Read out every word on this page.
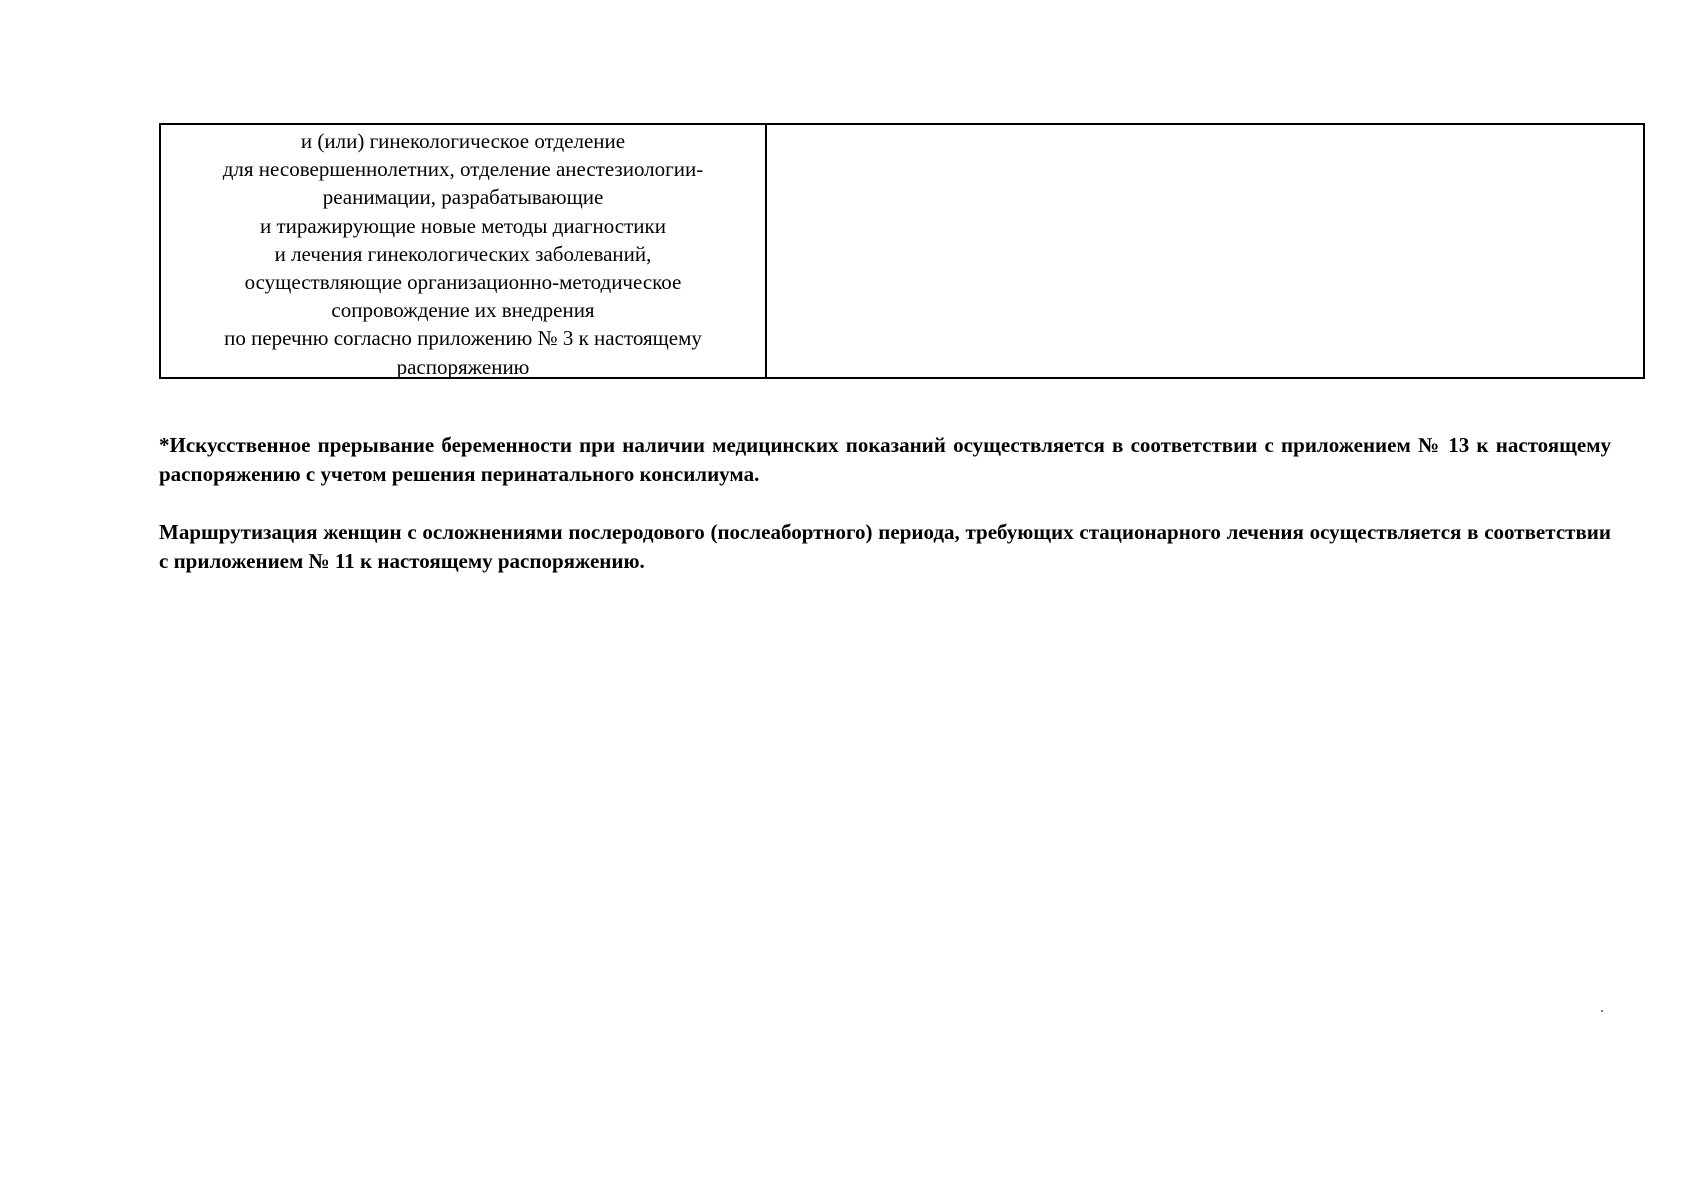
и (или) гинекологическое отделение
для несовершеннолетних, отделение анестезиологии-
реанимации, разрабатывающие
и тиражирующие новые методы диагностики
и лечения гинекологических заболеваний,
осуществляющие организационно-методическое
сопровождение их внедрения
по перечню согласно приложению № 3 к настоящему
распоряжению

*Искусственное прерывание беременности при наличии медицинских показаний осуществляется в соответствии с приложением № 13 к настоящему распоряжению с учетом решения перинатального консилиума.

Маршрутизация женщин с осложнениями послеродового (послеабортного) периода, требующих стационарного лечения осуществляется в соответствии с приложением № 11 к настоящему распоряжению.
